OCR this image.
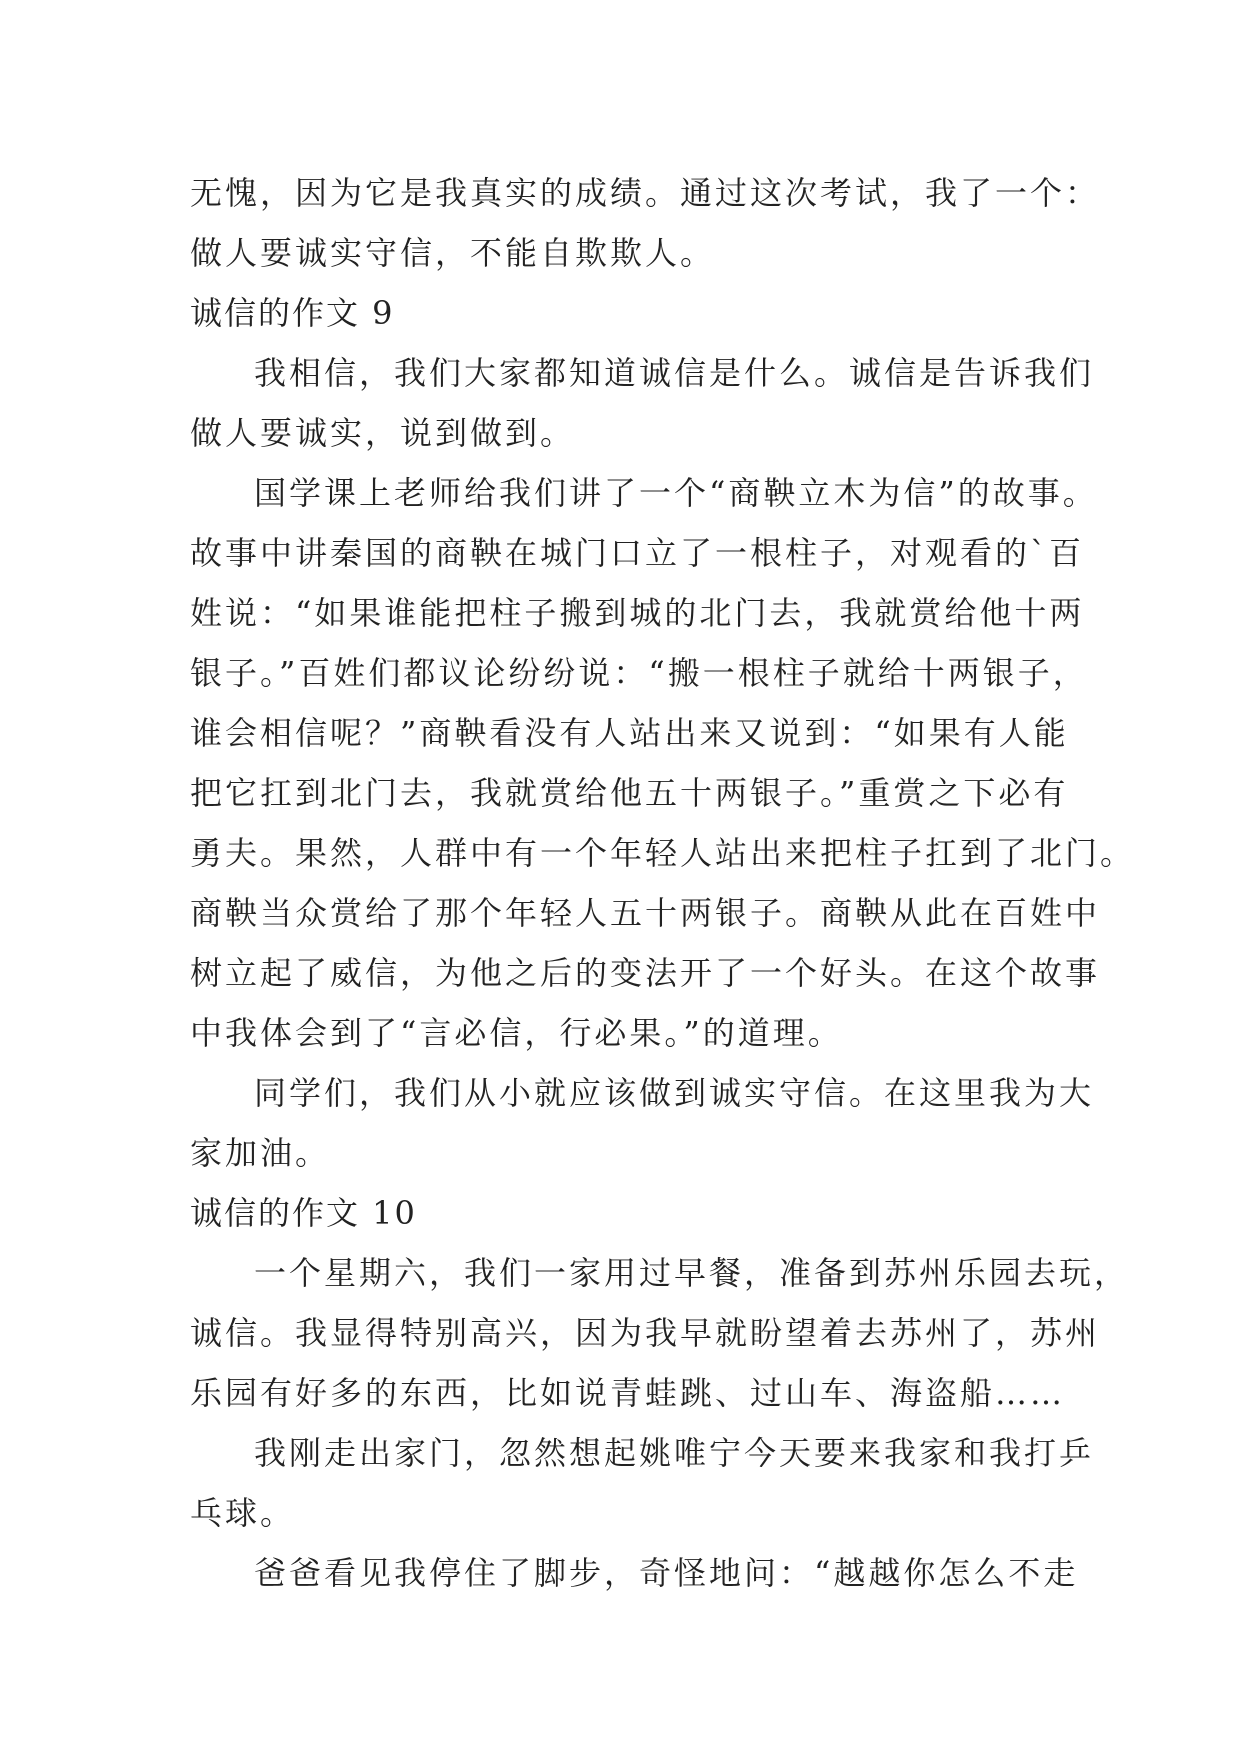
无愧，因为它是我真实的成绩。通过这次考试，我了一个：
做人要诚实守信，不能自欺欺人。
诚信的作文 9
我相信，我们大家都知道诚信是什么。诚信是告诉我们
做人要诚实，说到做到。
国学课上老师给我们讲了一个“商鞅立木为信”的故事。
故事中讲秦国的商鞅在城门口立了一根柱子，对观看的`百
姓说：“如果谁能把柱子搬到城的北门去，我就赏给他十两
银子。”百姓们都议论纷纷说：“搬一根柱子就给十两银子，
谁会相信呢？”商鞅看没有人站出来又说到：“如果有人能
把它扛到北门去，我就赏给他五十两银子。”重赏之下必有
勇夫。果然，人群中有一个年轻人站出来把柱子扛到了北门。
商鞅当众赏给了那个年轻人五十两银子。商鞅从此在百姓中
树立起了威信，为他之后的变法开了一个好头。在这个故事
中我体会到了“言必信，行必果。”的道理。
同学们，我们从小就应该做到诚实守信。在这里我为大
家加油。
诚信的作文 10
一个星期六，我们一家用过早餐，准备到苏州乐园去玩，
诚信。我显得特别高兴，因为我早就盼望着去苏州了，苏州
乐园有好多的东西，比如说青蛙跳、过山车、海盗船……
我刚走出家门，忽然想起姚唯宁今天要来我家和我打乒
乓球。
爸爸看见我停住了脚步，奇怪地问：“越越你怎么不走
